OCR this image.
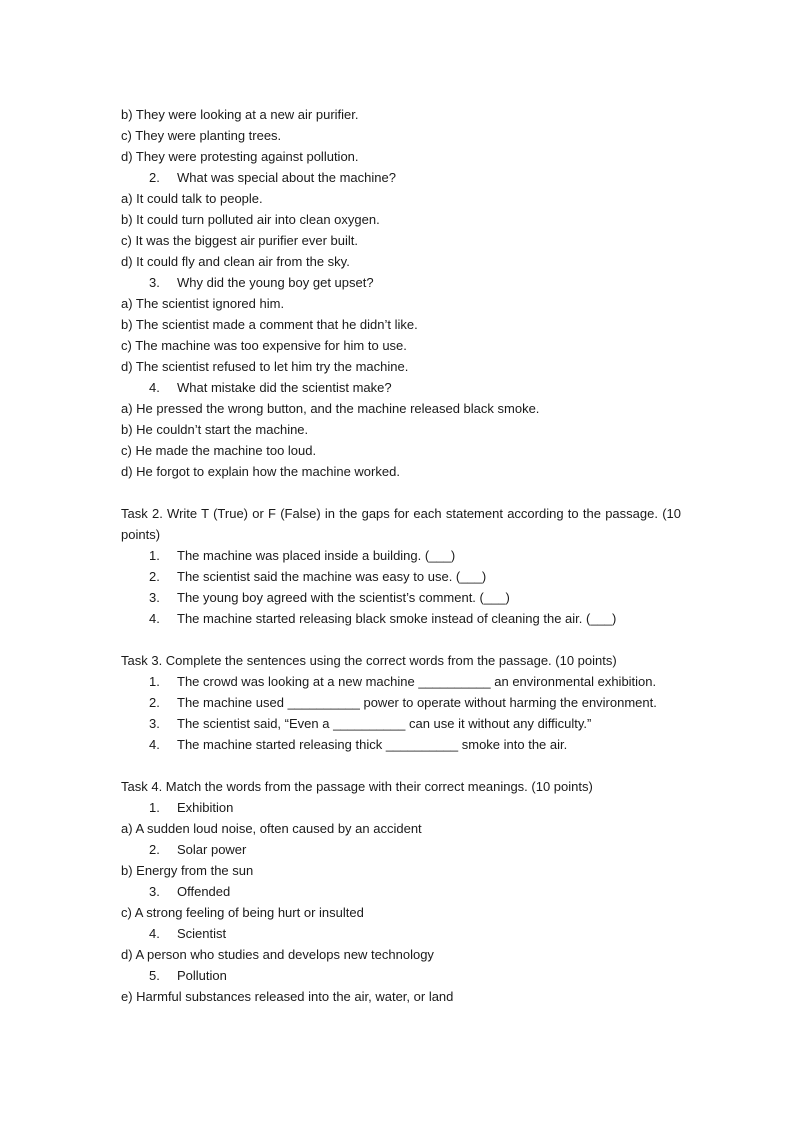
b) They were looking at a new air purifier.
c) They were planting trees.
d) They were protesting against pollution.
2. What was special about the machine?
a) It could talk to people.
b) It could turn polluted air into clean oxygen.
c) It was the biggest air purifier ever built.
d) It could fly and clean air from the sky.
3. Why did the young boy get upset?
a) The scientist ignored him.
b) The scientist made a comment that he didn’t like.
c) The machine was too expensive for him to use.
d) The scientist refused to let him try the machine.
4. What mistake did the scientist make?
a) He pressed the wrong button, and the machine released black smoke.
b) He couldn’t start the machine.
c) He made the machine too loud.
d) He forgot to explain how the machine worked.
Task 2. Write T (True) or F (False) in the gaps for each statement according to the passage. (10 points)
1. The machine was placed inside a building. (___)
2. The scientist said the machine was easy to use. (___)
3. The young boy agreed with the scientist’s comment. (___)
4. The machine started releasing black smoke instead of cleaning the air. (___)
Task 3. Complete the sentences using the correct words from the passage. (10 points)
1. The crowd was looking at a new machine __________ an environmental exhibition.
2. The machine used __________ power to operate without harming the environment.
3. The scientist said, “Even a __________ can use it without any difficulty.”
4. The machine started releasing thick __________ smoke into the air.
Task 4. Match the words from the passage with their correct meanings. (10 points)
1. Exhibition
a) A sudden loud noise, often caused by an accident
2. Solar power
b) Energy from the sun
3. Offended
c) A strong feeling of being hurt or insulted
4. Scientist
d) A person who studies and develops new technology
5. Pollution
e) Harmful substances released into the air, water, or land
